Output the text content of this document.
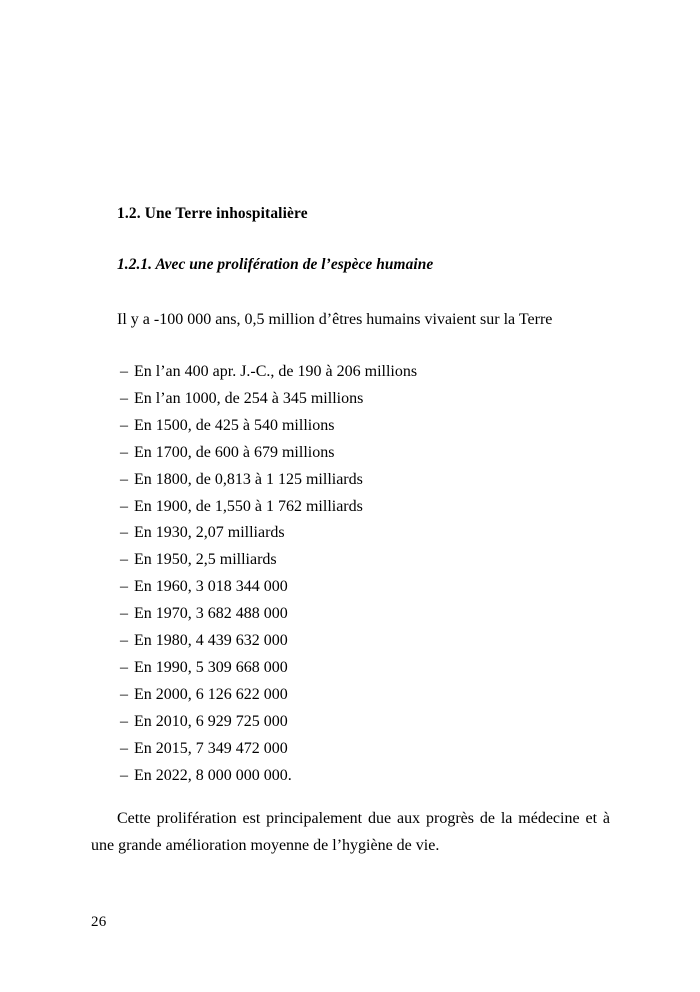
1.2. Une Terre inhospitalière
1.2.1. Avec une prolifération de l’espèce humaine

Il y a -100 000 ans, 0,5 million d’êtres humains vivaient sur la Terre

– En l’an 400 apr. J.-C., de 190 à 206 millions
– En l’an 1000, de 254 à 345 millions
– En 1500, de 425 à 540 millions
– En 1700, de 600 à 679 millions
– En 1800, de 0,813 à 1 125 milliards
– En 1900, de 1,550 à 1 762 milliards
– En 1930, 2,07 milliards
– En 1950, 2,5 milliards
– En 1960, 3 018 344 000
– En 1970, 3 682 488 000
– En 1980, 4 439 632 000
– En 1990, 5 309 668 000
– En 2000, 6 126 622 000
– En 2010, 6 929 725 000
– En 2015, 7 349 472 000
– En 2022, 8 000 000 000.

Cette prolifération est principalement due aux progrès de la médecine et à une grande amélioration moyenne de l’hygiène de vie.

26
